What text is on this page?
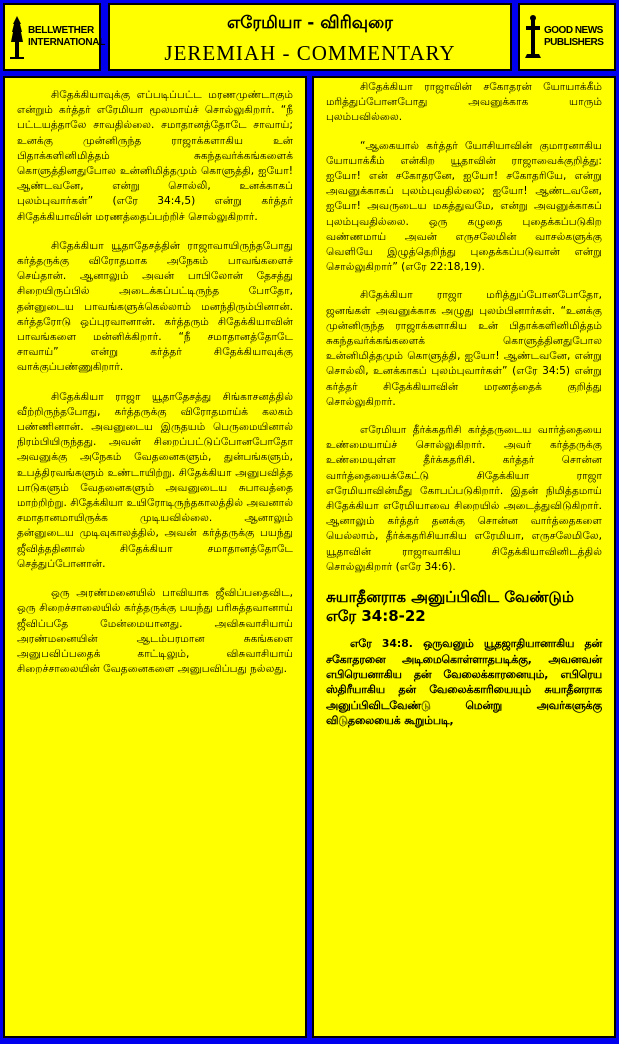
BELLWETHER INTERNATIONAL
எரேமியா - விரிவுரை
JEREMIAH - COMMENTARY
GOOD NEWS PUBLISHERS

சிதேக்கியாவுக்கு எப்படிப்பட்ட மரணமுண்டாகும் என்றும் கர்த்தர் எரேமியா மூலமாய்ச் சொல்லுகிறார். “நீ பட்டயத்தாலே சாவதில்லை. சமாதானத்தோடே சாவாய்; உனக்கு முன்னிருந்த ராஜாக்களாகிய உன் பிதாக்களினிமித்தம் சுகந்தவர்க்கங்களைக் கொளுத்தினதுபோல உன்னிமித்தமும் கொளுத்தி, ஐயோ! ஆண்டவனே, என்று சொல்லி, உனக்காகப் புலம்புவார்கள்” (எரே 34:4,5) என்று கர்த்தர் சிதேக்கியாவின் மரணத்தைப்பற்றிச் சொல்லுகிறார்.

சிதேக்கியா யூதாதேசத்தின் ராஜாவாயிருந்தபோது கர்த்தருக்கு விரோதமாக அநேகம் பாவங்களைச் செய்தான். ஆனாலும் அவன் பாபிலோன் தேசத்து சிறையிருப்பில் அடைக்கப்பட்டிருந்த போதோ, தன்னுடைய பாவங்களுக்கெல்லாம் மனந்திரும்பினான். கர்த்தரோடு ஒப்புரவானான். கர்த்தரும் சிதேக்கியாவின் பாவங்களை மன்னிக்கிறார். “நீ சமாதானத்தோடே சாவாய்” என்று கர்த்தர் சிதேக்கியாவுக்கு வாக்குப்பண்ணுகிறார்.

சிதேக்கியா ராஜா யூதாதேசத்து சிங்காசனத்தில் வீற்றிருந்தபோது, கர்த்தருக்கு விரோதமாய்க் கலகம் பண்ணினான். அவனுடைய இருதயம் பெருமையினால் நிரம்பியிருந்தது. அவன் சிறைப்பட்டுப்போனபோதோ அவனுக்கு அநேகம் வேதனைகளும், துன்பங்களும், உபத்திரவங்களும் உண்டாயிற்று. சிதேக்கியா அனுபவித்த பாடுகளும் வேதனைகளும் அவனுடைய சுபாவத்தை மாற்றிற்று. சிதேக்கியா உயிரோடிருந்தகாலத்தில் அவனால் சமாதானமாயிருக்க முடியவில்லை. ஆனாலும் தன்னுடைய முடிவுகாலத்தில், அவன் கர்த்தருக்கு பயந்து ஜீவித்ததினால் சிதேக்கியா சமாதானத்தோடே செத்துப்போனான்.

ஒரு அரண்மனையில் பாவியாக ஜீவிப்பதைவிட, ஒரு சிறைச்சாலையில் கர்த்தருக்கு பயந்து பரிசுத்தவானாய் ஜீவிப்பதே மேன்மையானது. அவிசுவாசியாய் அரண்மனையின் ஆடம்பரமான சுகங்களை அனுபவிப்பதைக் காட்டிலும், விசுவாசியாய் சிறைச்சாலையின் வேதனைகளை அனுபவிப்பது நல்லது.

சிதேக்கியா ராஜாவின் சகோதரன் யோயாக்கீம் மரித்துப்போனபோது அவனுக்காக யாரும் புலம்பவில்லை.

“ஆகையால் கர்த்தர் யோசியாவின் குமாரனாகிய யோயாக்கீம் என்கிற யூதாவின் ராஜாவைக்குறித்து: ஐயோ! என் சகோதரனே, ஐயோ! சகோதரியே, என்று அவனுக்காகப் புலம்புவதில்லை; ஐயோ! ஆண்டவனே, ஐயோ! அவருடைய மகத்துவமே, என்று அவனுக்காகப் புலம்புவதில்லை. ஒரு கழுதை புதைக்கப்படுகிற வண்ணமாய் அவன் எருசலேமின் வாசல்களுக்கு வெளியே இழுத்தெறிந்து புதைக்கப்படுவான் என்று சொல்லுகிறார்” (எரே 22:18,19).

சிதேக்கியா ராஜா மரித்துப்போனபோதோ, ஜனங்கள் அவனுக்காக அழுது புலம்பினார்கள். “உனக்கு முன்னிருந்த ராஜாக்களாகிய உன் பிதாக்களினிமித்தம் சுகந்தவர்க்கங்களைக் கொளுத்தினதுபோல உன்னிமித்தமும் கொளுத்தி, ஐயோ! ஆண்டவனே, என்று சொல்லி, உனக்காகப் புலம்புவார்கள்” (எரே 34:5) என்று கர்த்தர் சிதேக்கியாவின் மரணத்தைக் குறித்து சொல்லுகிறார்.

எரேமியா தீர்க்கதரிசி கர்த்தருடைய வார்த்தையை உண்மையாய்ச் சொல்லுகிறார். அவர் கர்த்தருக்கு உண்மையுள்ள தீர்க்கதரிசி. கர்த்தர் சொன்ன வார்த்தையைக்கேட்டு சிதேக்கியா ராஜா எரேமியாவின்மீது கோபப்படுகிறார். இதன் நிமித்தமாய் சிதேக்கியா எரேமியாவை சிறையில் அடைத்துவிடுகிறார். ஆனாலும் கர்த்தர் தனக்கு சொன்ன வார்த்தைகளை யெல்லாம், தீர்க்கதரிசியாகிய எரேமியா, எருசலேமிலே, யூதாவின் ராஜாவாகிய சிதேக்கியாவினிடத்தில் சொல்லுகிறார் (எரே 34:6).

சுயாதீனராக அனுப்பிவிட வேண்டும்
எரே 34:8-22

எரே 34:8. ஒருவனும் யூதஜாதியானாகிய தன் சகோதரனை அடிமைகொள்ளாதபடிக்கு, அவனவன் எபிரெயனாகிய தன் வேலைக்காரனையும், எபிரெய ஸ்திரீயாகிய தன் வேலைக்காரியையும் சுயாதீனராக அனுப்பிவிடவேண்டு மென்று அவர்களுக்கு விடுதலையைக் கூறும்படி,
